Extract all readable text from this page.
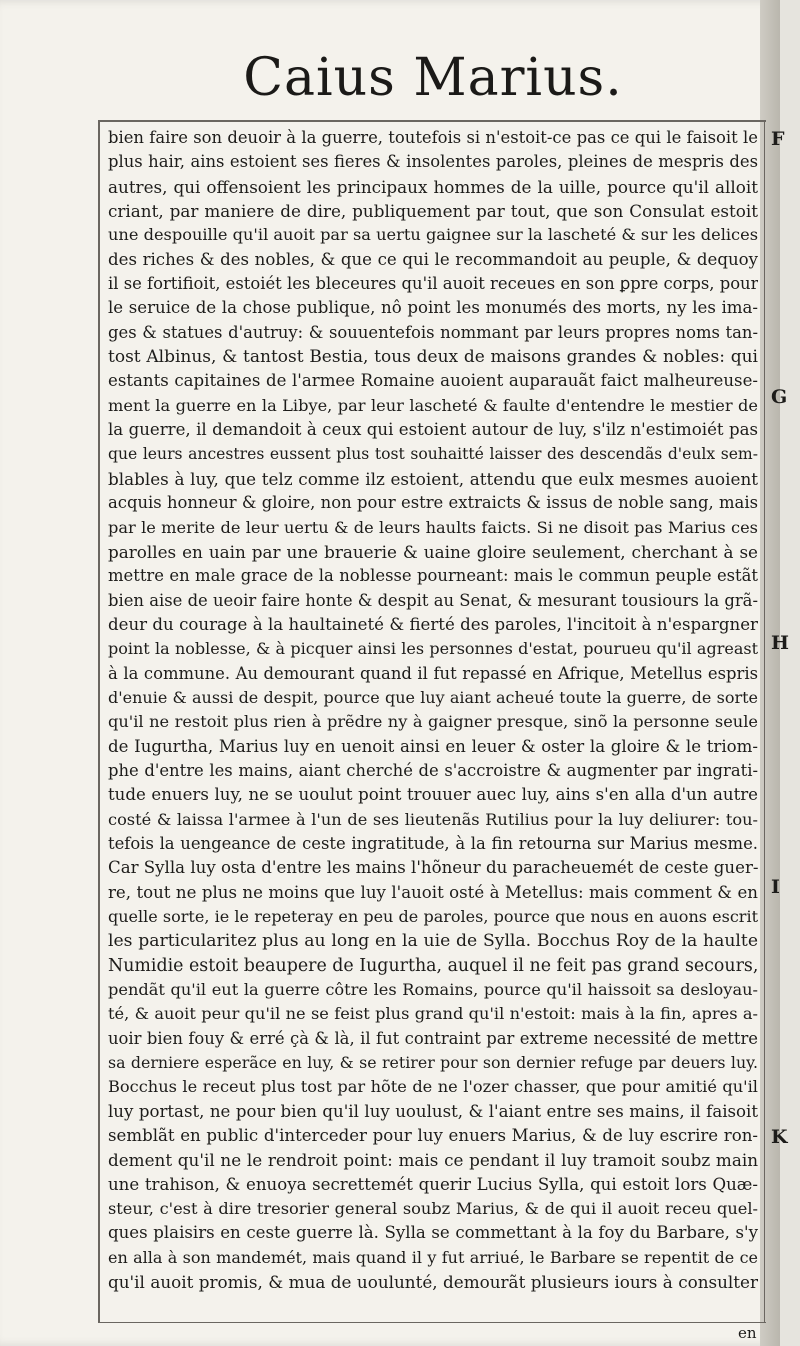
Caius Marius.
bien faire son deuoir à la guerre, toutefois si n'estoit-ce pas ce qui le faisoit le
plus hair, ains estoient ses fieres & insolentes paroles, pleines de mespris des
autres, qui offensoient les principaux hommes de la uille, pource qu'il alloit
criant, par maniere de dire, publiquement par tout, que son Consulat estoit
une despouille qu'il auoit par sa uertu gaignee sur la lascheté & sur les delices
des riches & des nobles, & que ce qui le recommandoit au peuple, & dequoy
il se fortifioit, estoiét les bleceures qu'il auoit receues en son ꝑpre corps, pour
le seruice de la chose publique, nô point les monumés des morts, ny les ima-
ges & statues d'autruy: & souuentefois nommant par leurs propres noms tan-
tost Albinus, & tantost Bestia, tous deux de maisons grandes & nobles: qui
estants capitaines de l'armee Romaine auoient auparauãt faict malheureuse-
ment la guerre en la Libye, par leur lascheté & faulte d'entendre le mestier de
la guerre, il demandoit à ceux qui estoient autour de luy, s'ilz n'estimoiét pas
que leurs ancestres eussent plus tost souhaitté laisser des descendãs d'eulx sem-
blables à luy, que telz comme ilz estoient, attendu que eulx mesmes auoient
acquis honneur & gloire, non pour estre extraicts & issus de noble sang, mais
par le merite de leur uertu & de leurs haults faicts. Si ne disoit pas Marius ces
parolles en uain par une brauerie & uaine gloire seulement, cherchant à se
mettre en male grace de la noblesse pourneant: mais le commun peuple estãt
bien aise de ueoir faire honte & despit au Senat, & mesurant tousiours la grã-
deur du courage à la haultaineté & fierté des paroles, l'incitoit à n'espargner
point la noblesse, & à picquer ainsi les personnes d'estat, pourueu qu'il agreast
à la commune. Au demourant quand il fut repassé en Afrique, Metellus espris
d'enuie & aussi de despit, pource que luy aiant acheué toute la guerre, de sorte
qu'il ne restoit plus rien à prẽdre ny à gaigner presque, sinõ la personne seule
de Iugurtha, Marius luy en uenoit ainsi en leuer & oster la gloire & le triom-
phe d'entre les mains, aiant cherché de s'accroistre & augmenter par ingrati-
tude enuers luy, ne se uoulut point trouuer auec luy, ains s'en alla d'un autre
costé & laissa l'armee à l'un de ses lieutenãs Rutilius pour la luy deliurer: tou-
tefois la uengeance de ceste ingratitude, à la fin retourna sur Marius mesme.
Car Sylla luy osta d'entre les mains l'hõneur du paracheuemét de ceste guer-
re, tout ne plus ne moins que luy l'auoit osté à Metellus: mais comment & en
quelle sorte, ie le repeteray en peu de paroles, pource que nous en auons escrit
les particularitez plus au long en la uie de Sylla. Bocchus Roy de la haulte
Numidie estoit beaupere de Iugurtha, auquel il ne feit pas grand secours,
pendãt qu'il eut la guerre côtre les Romains, pource qu'il haissoit sa desloyau-
té, & auoit peur qu'il ne se feist plus grand qu'il n'estoit: mais à la fin, apres a-
uoir bien fouy & erré çà & là, il fut contraint par extreme necessité de mettre
sa derniere esperãce en luy, & se retirer pour son dernier refuge par deuers luy.
Bocchus le receut plus tost par hõte de ne l'ozer chasser, que pour amitié qu'il
luy portast, ne pour bien qu'il luy uoulust, & l'aiant entre ses mains, il faisoit
semblãt en public d'interceder pour luy enuers Marius, & de luy escrire ron-
dement qu'il ne le rendroit point: mais ce pendant il luy tramoit soubz main
une trahison, & enuoya secrettemét querir Lucius Sylla, qui estoit lors Quæ-
steur, c'est à dire tresorier general soubz Marius, & de qui il auoit receu quel-
ques plaisirs en ceste guerre là. Sylla se commettant à la foy du Barbare, s'y
en alla à son mandemét, mais quand il y fut arriué, le Barbare se repentit de ce
qu'il auoit promis, & mua de uoulunté, demourãt plusieurs iours à consulter
F
G
H
I
K
en
